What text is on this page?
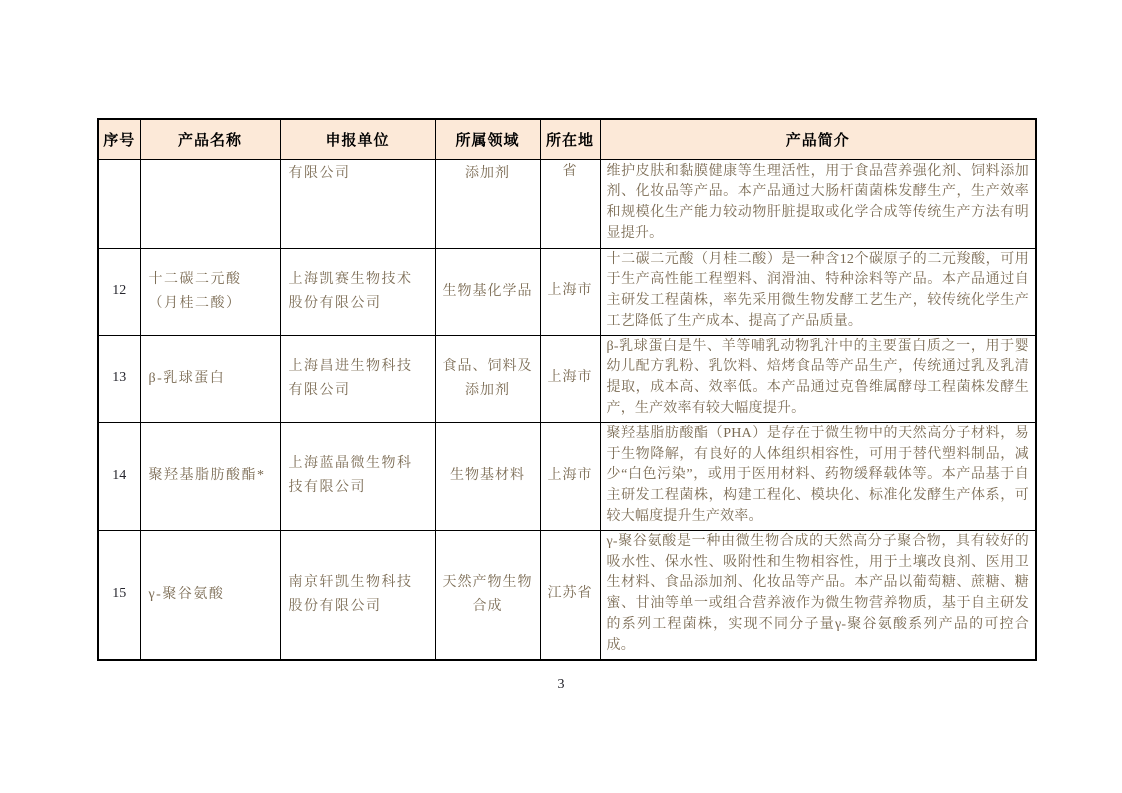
序号	产品名称	申报单位	所属领域	所在地	产品简介
		有限公司	添加剂	省	维护皮肤和黏膜健康等生理活性，用于食品营养强化剂、饲料添加剂、化妆品等产品。本产品通过大肠杆菌菌株发酵生产，生产效率和规模化生产能力较动物肝脏提取或化学合成等传统生产方法有明显提升。
12	十二碳二元酸（月桂二酸）	上海凯赛生物技术股份有限公司	生物基化学品	上海市	十二碳二元酸（月桂二酸）是一种含12个碳原子的二元羧酸，可用于生产高性能工程塑料、润滑油、特种涂料等产品。本产品通过自主研发工程菌株，率先采用微生物发酵工艺生产，较传统化学生产工艺降低了生产成本、提高了产品质量。
13	β-乳球蛋白	上海昌进生物科技有限公司	食品、饲料及添加剂	上海市	β-乳球蛋白是牛、羊等哺乳动物乳汁中的主要蛋白质之一，用于婴幼儿配方乳粉、乳饮料、焙烤食品等产品生产，传统通过乳及乳清提取，成本高、效率低。本产品通过克鲁维属酵母工程菌株发酵生产，生产效率有较大幅度提升。
14	聚羟基脂肪酸酯*	上海蓝晶微生物科技有限公司	生物基材料	上海市	聚羟基脂肪酸酯（PHA）是存在于微生物中的天然高分子材料，易于生物降解，有良好的人体组织相容性，可用于替代塑料制品，减少“白色污染”，或用于医用材料、药物缓释载体等。本产品基于自主研发工程菌株，构建工程化、模块化、标准化发酵生产体系，可较大幅度提升生产效率。
15	γ-聚谷氨酸	南京轩凯生物科技股份有限公司	天然产物生物合成	江苏省	γ-聚谷氨酸是一种由微生物合成的天然高分子聚合物，具有较好的吸水性、保水性、吸附性和生物相容性，用于土壤改良剂、医用卫生材料、食品添加剂、化妆品等产品。本产品以葡萄糖、蔗糖、糖蜜、甘油等单一或组合营养液作为微生物营养物质，基于自主研发的系列工程菌株，实现不同分子量γ-聚谷氨酸系列产品的可控合成。
3
